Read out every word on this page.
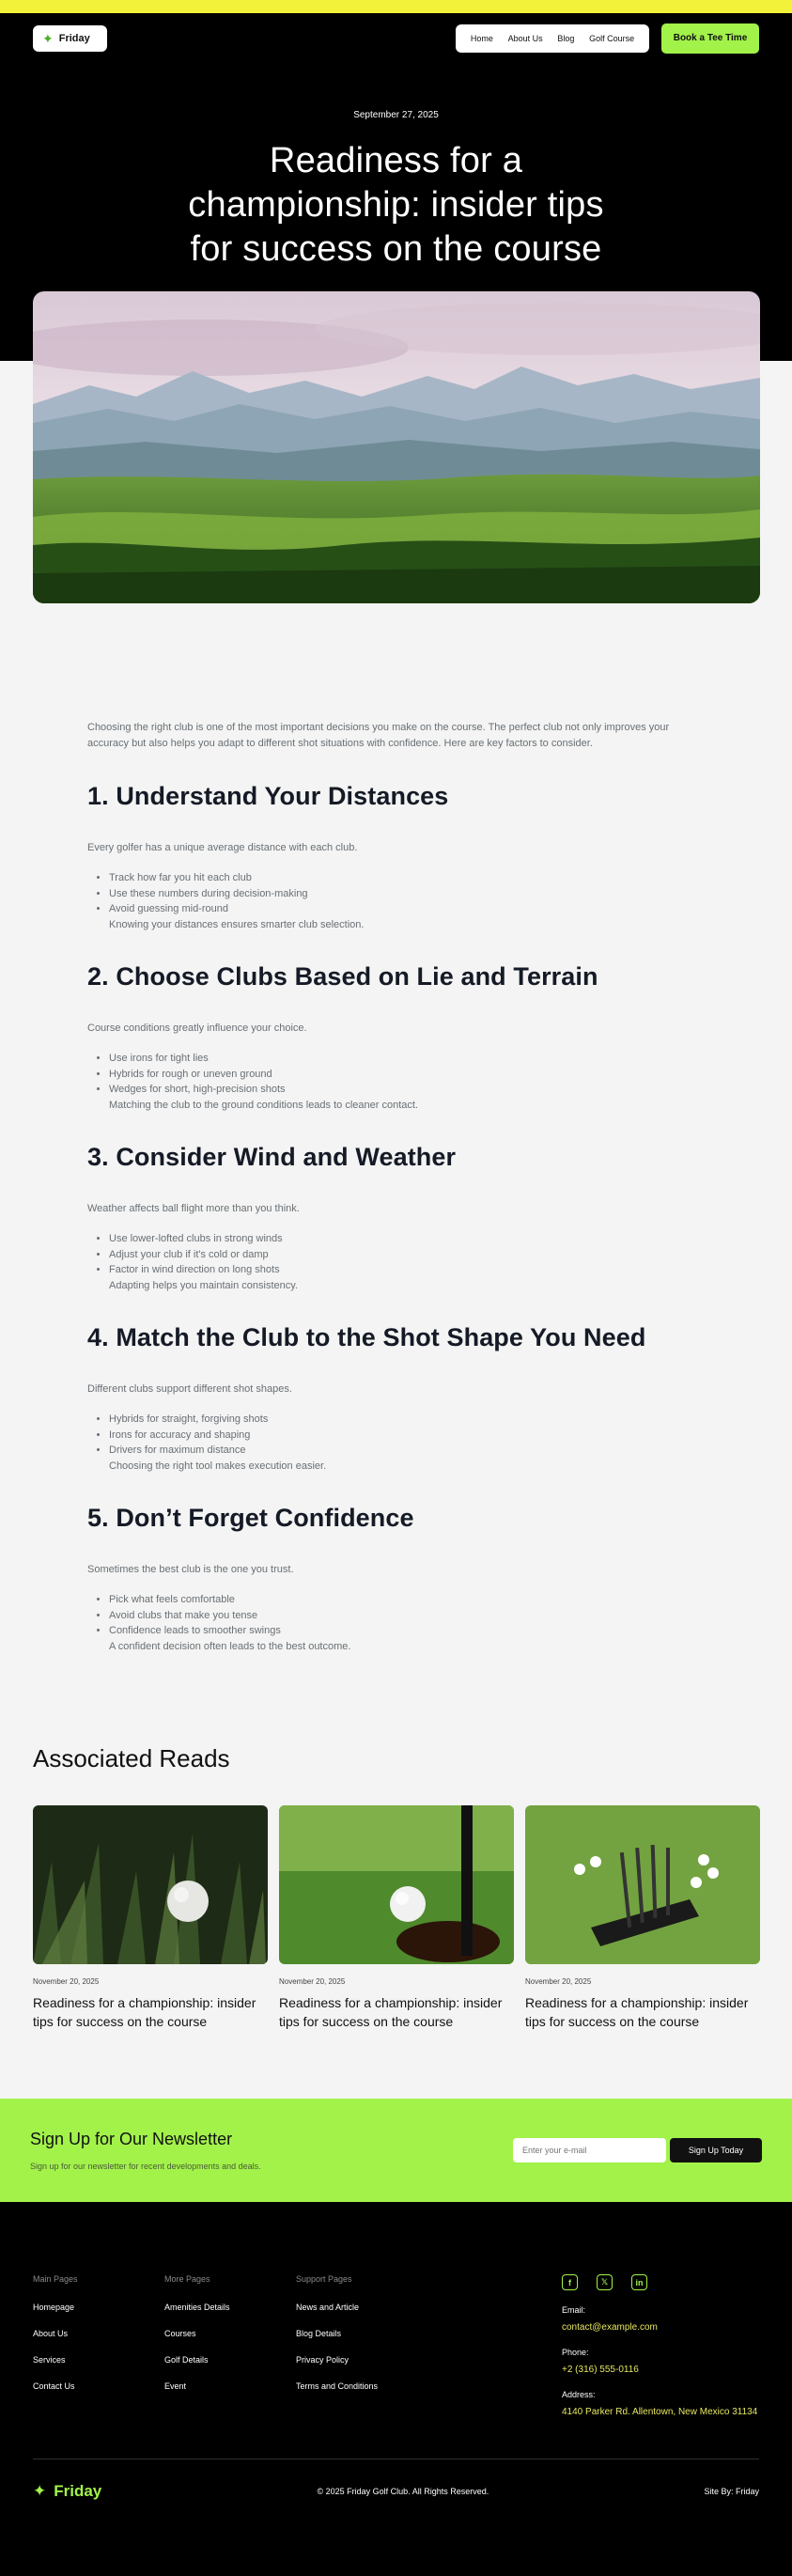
✦ Friday	Home About Us Blog Golf Course	Book a Tee Time
September 27, 2025
Readiness for a championship: insider tips for success on the course

Choosing the right club is one of the most important decisions you make on the course. The perfect club not only improves your accuracy but also helps you adapt to different shot situations with confidence. Here are key factors to consider.

1. Understand Your Distances

Every golfer has a unique average distance with each club.

• Track how far you hit each club
• Use these numbers during decision-making
• Avoid guessing mid-round

Knowing your distances ensures smarter club selection.

2. Choose Clubs Based on Lie and Terrain

Course conditions greatly influence your choice.

• Use irons for tight lies
• Hybrids for rough or uneven ground
• Wedges for short, high-precision shots

Matching the club to the ground conditions leads to cleaner contact.

3. Consider Wind and Weather

Weather affects ball flight more than you think.

• Use lower-lofted clubs in strong winds
• Adjust your club if it's cold or damp
• Factor in wind direction on long shots

Adapting helps you maintain consistency.

4. Match the Club to the Shot Shape You Need

Different clubs support different shot shapes.

• Hybrids for straight, forgiving shots
• Irons for accuracy and shaping
• Drivers for maximum distance

Choosing the right tool makes execution easier.

5. Don’t Forget Confidence

Sometimes the best club is the one you trust.

• Pick what feels comfortable
• Avoid clubs that make you tense
• Confidence leads to smoother swings

A confident decision often leads to the best outcome.

Associated Reads
November 20, 2025
Readiness for a championship: insider tips for success on the course
November 20, 2025
Readiness for a championship: insider tips for success on the course
November 20, 2025
Readiness for a championship: insider tips for success on the course
Sign Up for Our Newsletter
Sign up for our newsletter for recent developments and deals.
Enter your e-mail
Sign Up Today
Main Pages
Homepage
About Us
Services
Contact Us
More Pages
Amenities Details
Courses
Golf Details
Event
Support Pages
News and Article
Blog Details
Privacy Policy
Terms and Conditions
f	𝕏	in
Email:
contact@example.com
Phone:
+2 (316) 555-0116
Address:
4140 Parker Rd. Allentown, New Mexico 31134
✦ Friday	© 2025 Friday Golf Club. All Rights Reserved.	Site By: Friday
